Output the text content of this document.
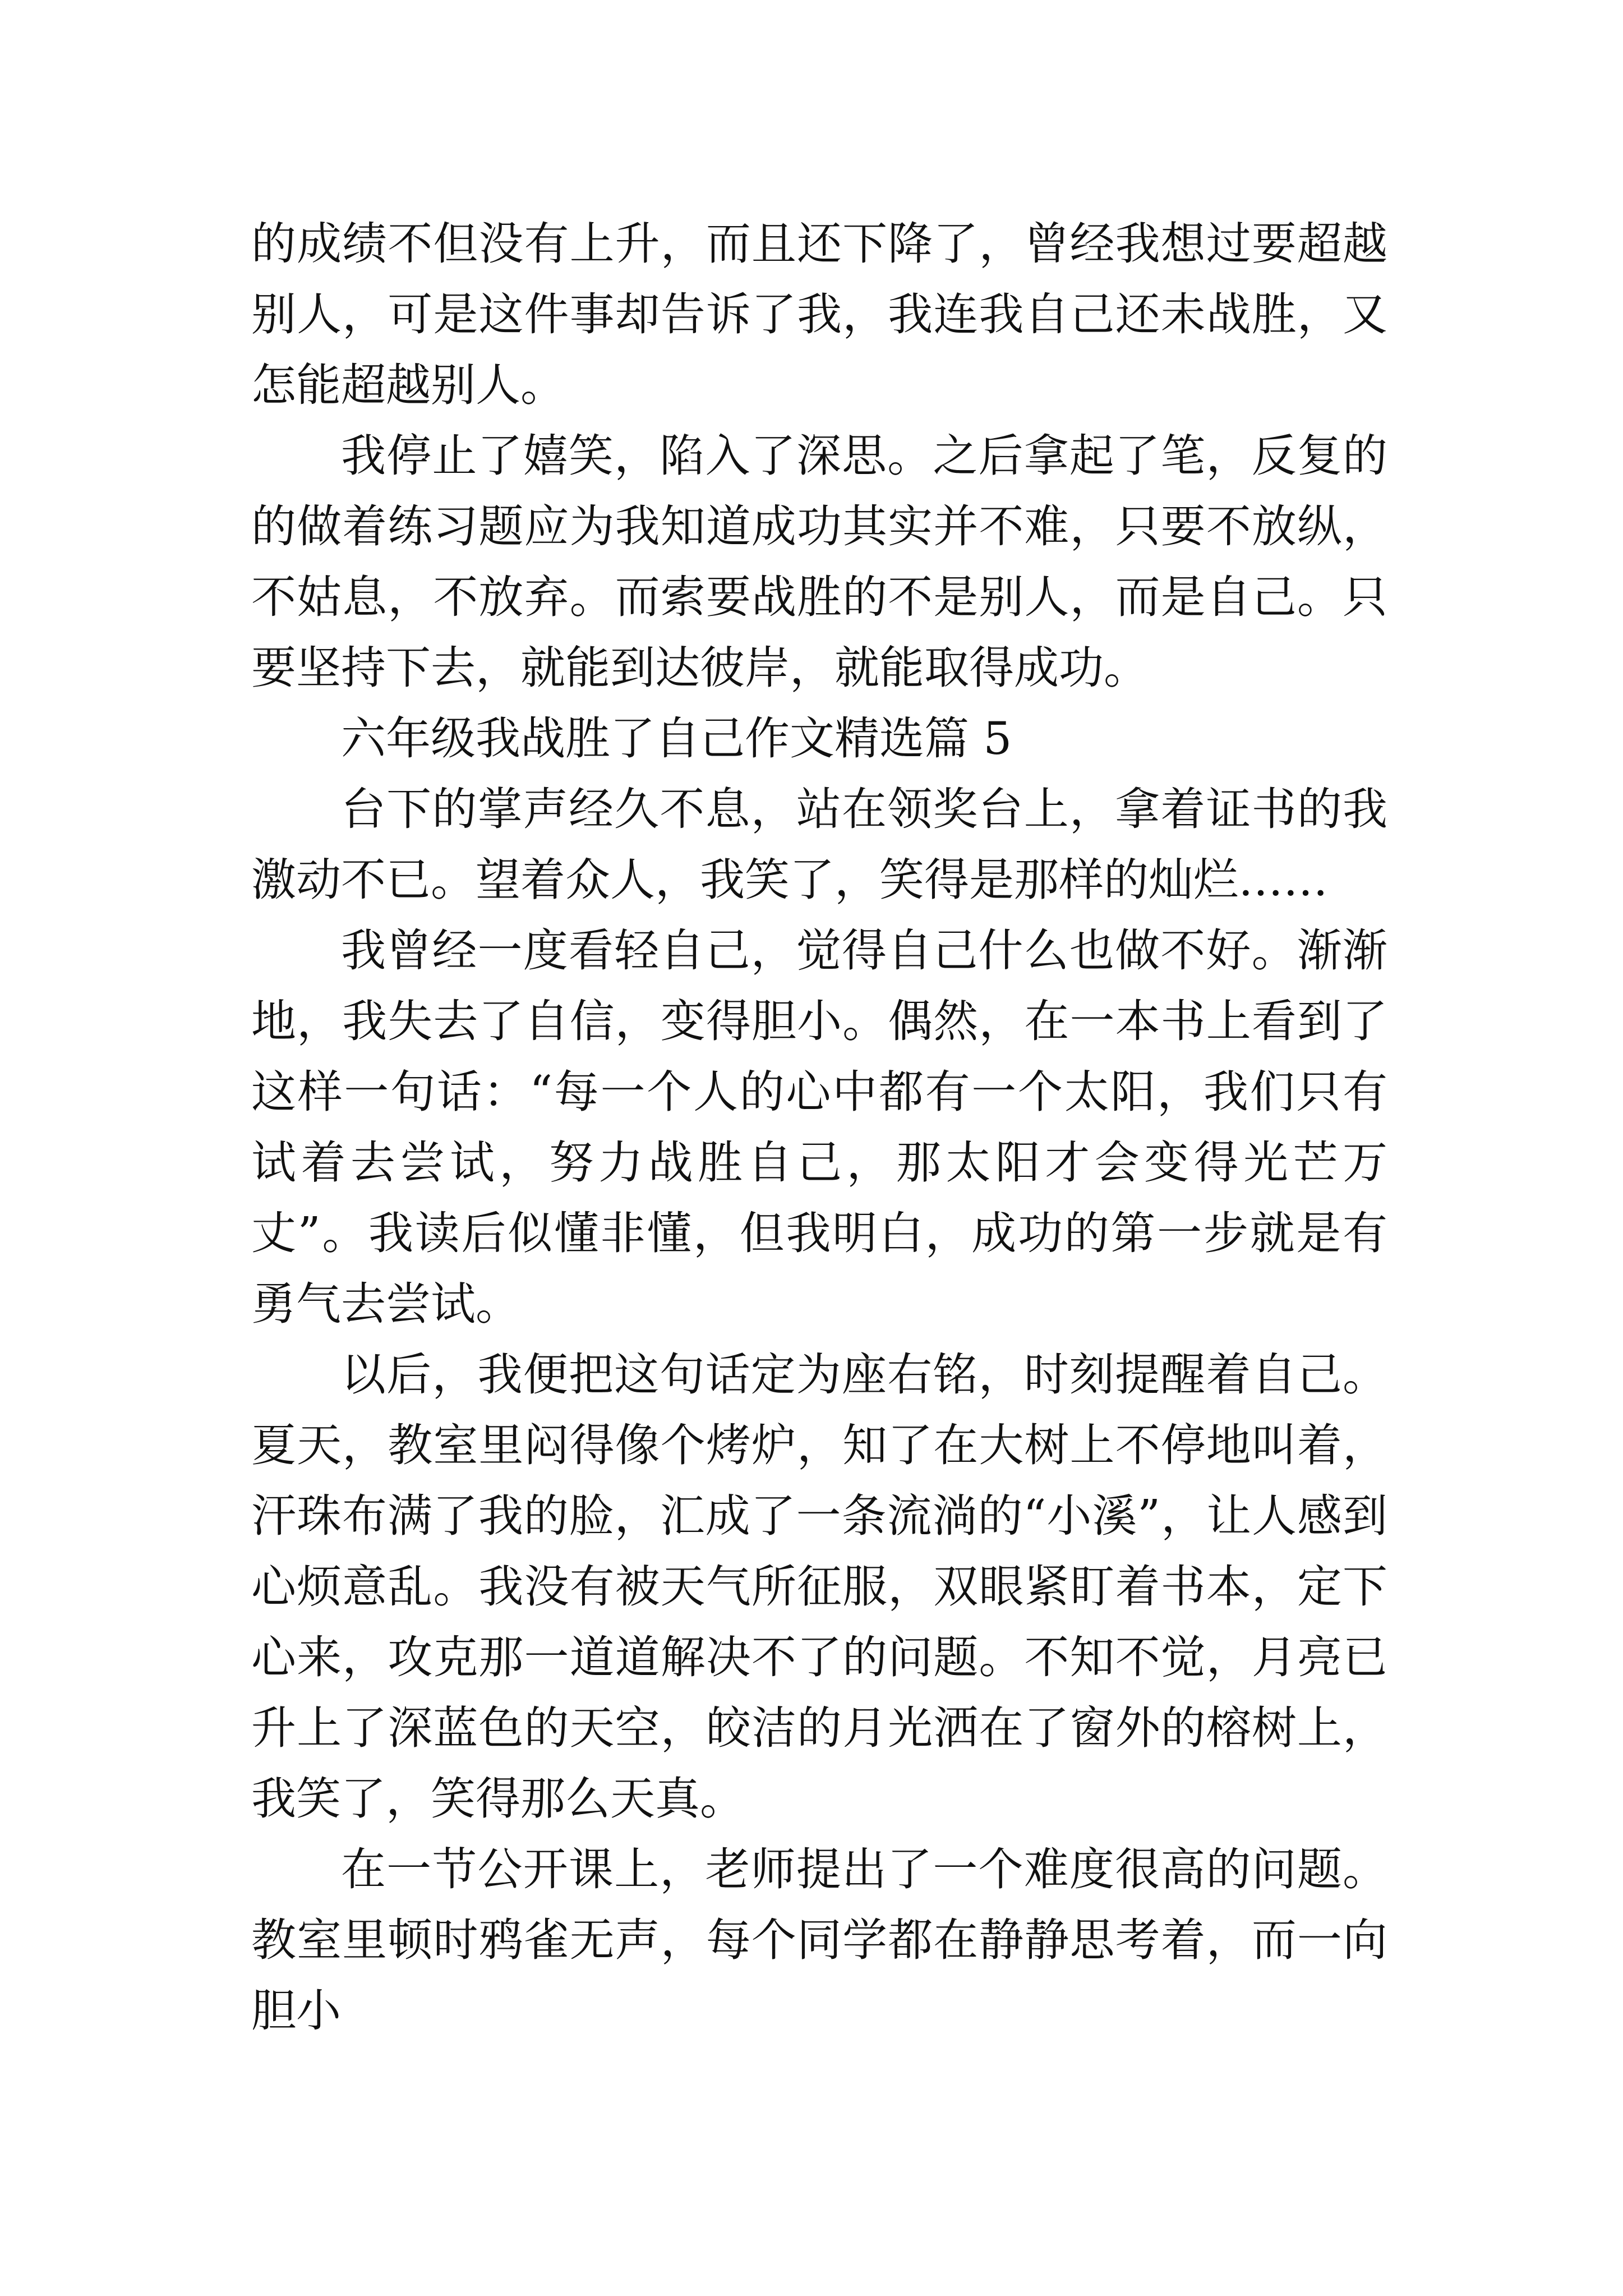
的成绩不但没有上升，而且还下降了，曾经我想过要超越别人，可是这件事却告诉了我，我连我自己还未战胜，又怎能超越别人。

我停止了嬉笑，陷入了深思。之后拿起了笔，反复的的做着练习题应为我知道成功其实并不难，只要不放纵，不姑息，不放弃。而索要战胜的不是别人，而是自己。只要坚持下去，就能到达彼岸，就能取得成功。

六年级我战胜了自己作文精选篇 5

台下的掌声经久不息，站在领奖台上，拿着证书的我激动不已。望着众人，我笑了，笑得是那样的灿烂……

我曾经一度看轻自己，觉得自己什么也做不好。渐渐地，我失去了自信，变得胆小。偶然，在一本书上看到了这样一句话：“每一个人的心中都有一个太阳，我们只有试着去尝试，努力战胜自己，那太阳才会变得光芒万丈”。我读后似懂非懂，但我明白，成功的第一步就是有勇气去尝试。

以后，我便把这句话定为座右铭，时刻提醒着自己。夏天，教室里闷得像个烤炉，知了在大树上不停地叫着，汗珠布满了我的脸，汇成了一条流淌的“小溪”，让人感到心烦意乱。我没有被天气所征服，双眼紧盯着书本，定下心来，攻克那一道道解决不了的问题。不知不觉，月亮已升上了深蓝色的天空，皎洁的月光洒在了窗外的榕树上，我笑了，笑得那么天真。

在一节公开课上，老师提出了一个难度很高的问题。教室里顿时鸦雀无声，每个同学都在静静思考着，而一向胆小
